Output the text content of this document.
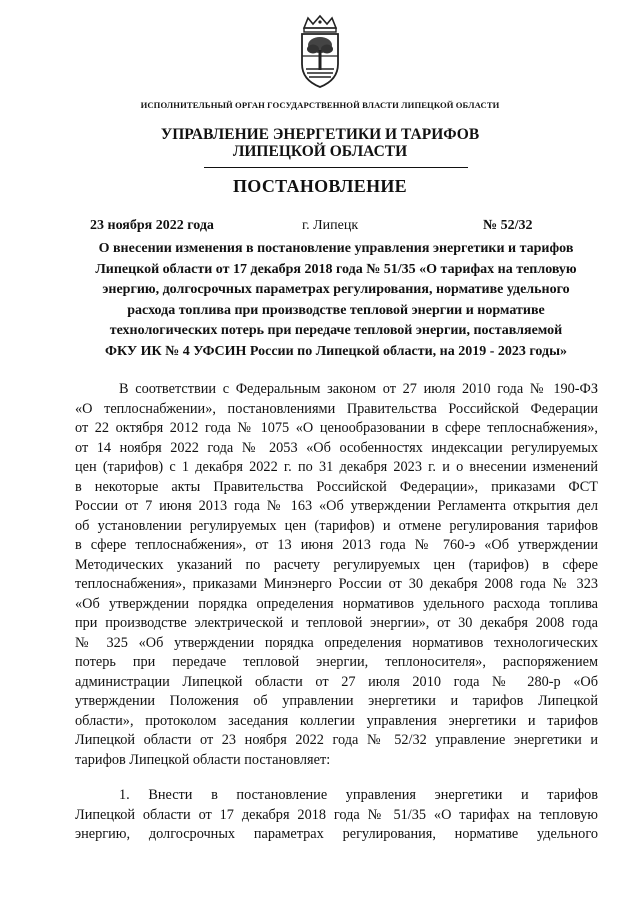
ИСПОЛНИТЕЛЬНЫЙ ОРГАН ГОСУДАРСТВЕННОЙ ВЛАСТИ ЛИПЕЦКОЙ ОБЛАСТИ
УПРАВЛЕНИЕ ЭНЕРГЕТИКИ И ТАРИФОВ
ЛИПЕЦКОЙ ОБЛАСТИ
ПОСТАНОВЛЕНИЕ
23 ноября 2022 года	г. Липецк	№ 52/32
О внесении изменения в постановление управления энергетики и тарифов
Липецкой области от 17 декабря 2018 года № 51/35 «О тарифах на тепловую
энергию, долгосрочных параметрах регулирования, нормативе удельного
расхода топлива при производстве тепловой энергии и нормативе
технологических потерь при передаче тепловой энергии, поставляемой
ФКУ ИК № 4 УФСИН России по Липецкой области, на 2019 - 2023 годы»
В соответствии с Федеральным законом от 27 июля 2010 года № 190-ФЗ
«О теплоснабжении», постановлениями Правительства Российской Федерации
от 22 октября 2012 года № 1075 «О ценообразовании в сфере теплоснабжения»,
от 14 ноября 2022 года № 2053 «Об особенностях индексации регулируемых
цен (тарифов) с 1 декабря 2022 г. по 31 декабря 2023 г. и о внесении изменений
в некоторые акты Правительства Российской Федерации», приказами ФСТ
России от 7 июня 2013 года № 163 «Об утверждении Регламента открытия дел
об установлении регулируемых цен (тарифов) и отмене регулирования тарифов
в сфере теплоснабжения», от 13 июня 2013 года № 760-э «Об утверждении
Методических указаний по расчету регулируемых цен (тарифов) в сфере
теплоснабжения», приказами Минэнерго России от 30 декабря 2008 года № 323
«Об утверждении порядка определения нормативов удельного расхода топлива
при производстве электрической и тепловой энергии», от 30 декабря 2008 года
№ 325 «Об утверждении порядка определения нормативов технологических
потерь при передаче тепловой энергии, теплоносителя», распоряжением
администрации Липецкой области от 27 июля 2010 года № 280-р «Об
утверждении Положения об управлении энергетики и тарифов Липецкой
области», протоколом заседания коллегии управления энергетики и тарифов
Липецкой области от 23 ноября 2022 года № 52/32 управление энергетики и
тарифов Липецкой области постановляет:
1. Внести в постановление управления энергетики и тарифов
Липецкой области от 17 декабря 2018 года № 51/35 «О тарифах на тепловую
энергию, долгосрочных параметрах регулирования, нормативе удельного
